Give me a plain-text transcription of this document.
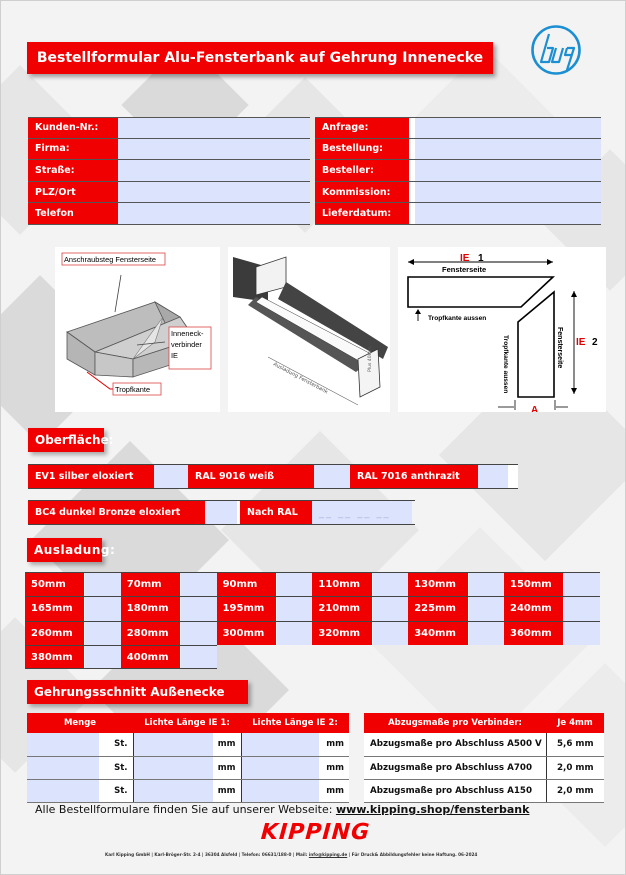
Bestellformular Alu-Fensterbank auf Gehrung Innenecke
Kunden-Nr.:
Firma:
Straße:
PLZ/Ort
Telefon
Anfrage:
Bestellung:
Besteller:
Kommission:
Lieferdatum:
Anschraubsteg Fensterseite
Inneneck-
verbinder
IE
Tropfkante	Ausladung Fensterbank
Plus 40mm
IE 1
Fensterseite
Tropfkante aussen
IE 2
Fensterseite
Tropfkante aussen
A
Oberfläche:
EV1 silber eloxiert	RAL 9016 weiß	RAL 7016 anthrazit
BC4 dunkel Bronze eloxiert	Nach RAL	__ __ __ __
Ausladung:
50mm	70mm	90mm	110mm	130mm	150mm
165mm	180mm	195mm	210mm	225mm	240mm
260mm	280mm	300mm	320mm	340mm	360mm
380mm	400mm
Gehrungsschnitt Außenecke
Menge		Lichte Länge IE 1:		Lichte Länge IE 2:	
	St.		mm		mm
	St.		mm		mm
	St.		mm		mm
Abzugsmaße pro Verbinder:	Je 4mm
Abzugsmaße pro Abschluss A500 V	5,6 mm
Abzugsmaße pro Abschluss A700	2,0 mm
Abzugsmaße pro Abschluss A150	2,0 mm
Alle Bestellformulare finden Sie auf unserer Webseite: www.kipping.shop/fensterbank
KIPPING
Karl Kipping GmbH | Karl-Bröger-Str. 2-4 | 36304 Alsfeld | Telefon: 06631/188-0 | Mail: info@kipping.de | Für Druck& Abbildungsfehler keine Haftung. 06-2024
